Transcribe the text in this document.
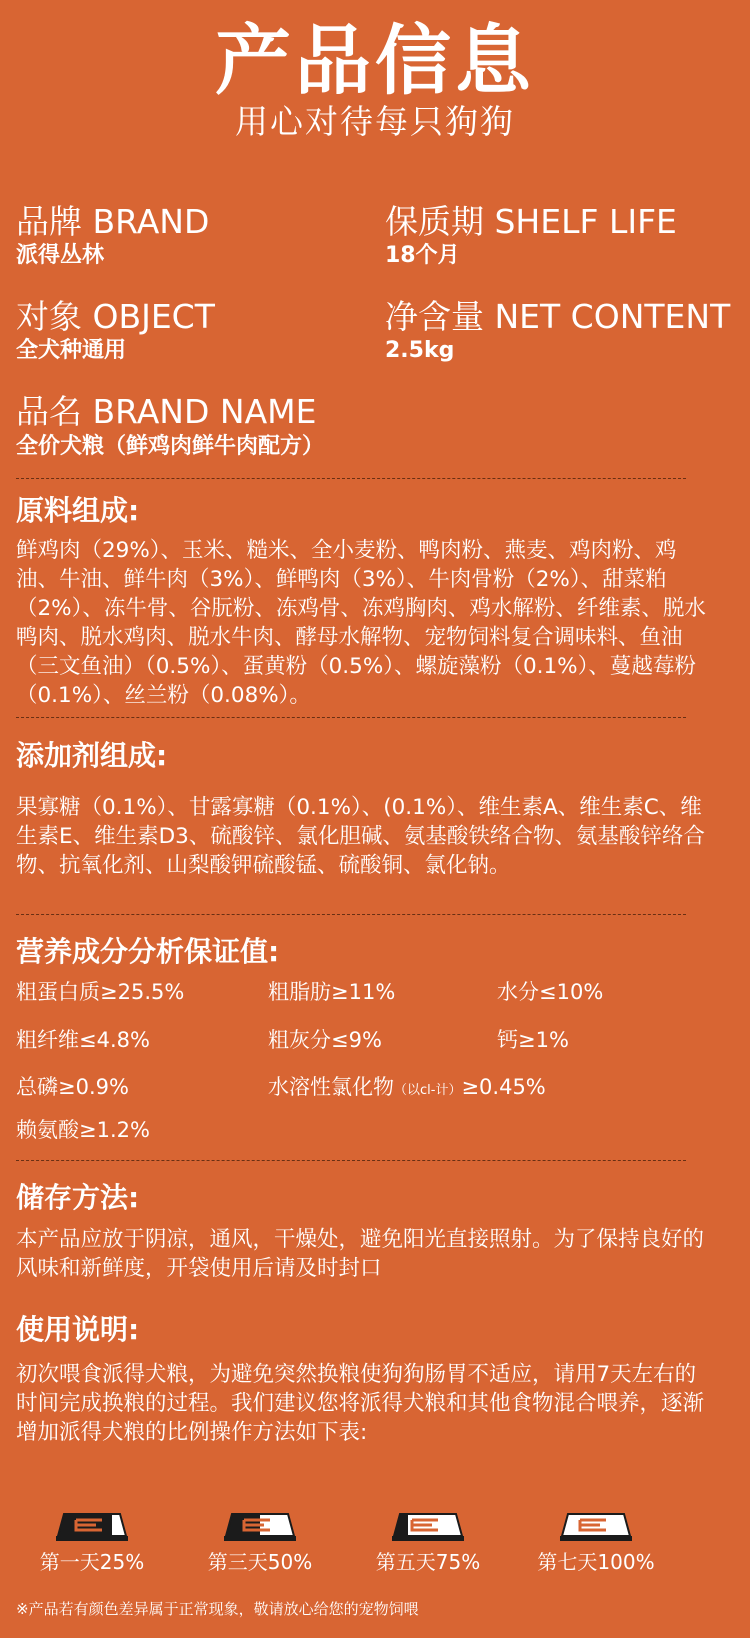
产品信息
用心对待每只狗狗
品牌 BRAND
派得丛林
保质期 SHELF LIFE
18个月
对象 OBJECT
全犬种通用
净含量 NET CONTENT
2.5kg
品名 BRAND NAME
全价犬粮（鲜鸡肉鲜牛肉配方）
原料组成:
鲜鸡肉（29%）、玉米、糙米、全小麦粉、鸭肉粉、燕麦、鸡肉粉、鸡油、牛油、鲜牛肉（3%）、鲜鸭肉（3%）、牛肉骨粉（2%）、甜菜粕（2%）、冻牛骨、谷朊粉、冻鸡骨、冻鸡胸肉、鸡水解粉、纤维素、脱水鸭肉、脱水鸡肉、脱水牛肉、酵母水解物、宠物饲料复合调味料、鱼油（三文鱼油）（0.5%）、蛋黄粉（0.5%）、螺旋藻粉（0.1%）、蔓越莓粉（0.1%）、丝兰粉（0.08%）。
添加剂组成:
果寡糖（0.1%）、甘露寡糖（0.1%）、(0.1%）、维生素A、维生素C、维生素E、维生素D3、硫酸锌、氯化胆碱、氨基酸铁络合物、氨基酸锌络合物、抗氧化剂、山梨酸钾硫酸锰、硫酸铜、氯化钠。
营养成分分析保证值:
粗蛋白质≥25.5%	粗脂肪≥11%	水分≤10%
粗纤维≤4.8%	粗灰分≤9%	钙≥1%
总磷≥0.9%	水溶性氯化物（以cl-计）≥0.45%
赖氨酸≥1.2%
储存方法:
本产品应放于阴凉，通风，干燥处，避免阳光直接照射。为了保持良好的风味和新鲜度，开袋使用后请及时封口
使用说明:
初次喂食派得犬粮，为避免突然换粮使狗狗肠胃不适应，请用7天左右的时间完成换粮的过程。我们建议您将派得犬粮和其他食物混合喂养，逐渐增加派得犬粮的比例操作方法如下表:
第一天25%	第三天50%	第五天75%	第七天100%
※产品若有颜色差异属于正常现象，敬请放心给您的宠物饲喂
